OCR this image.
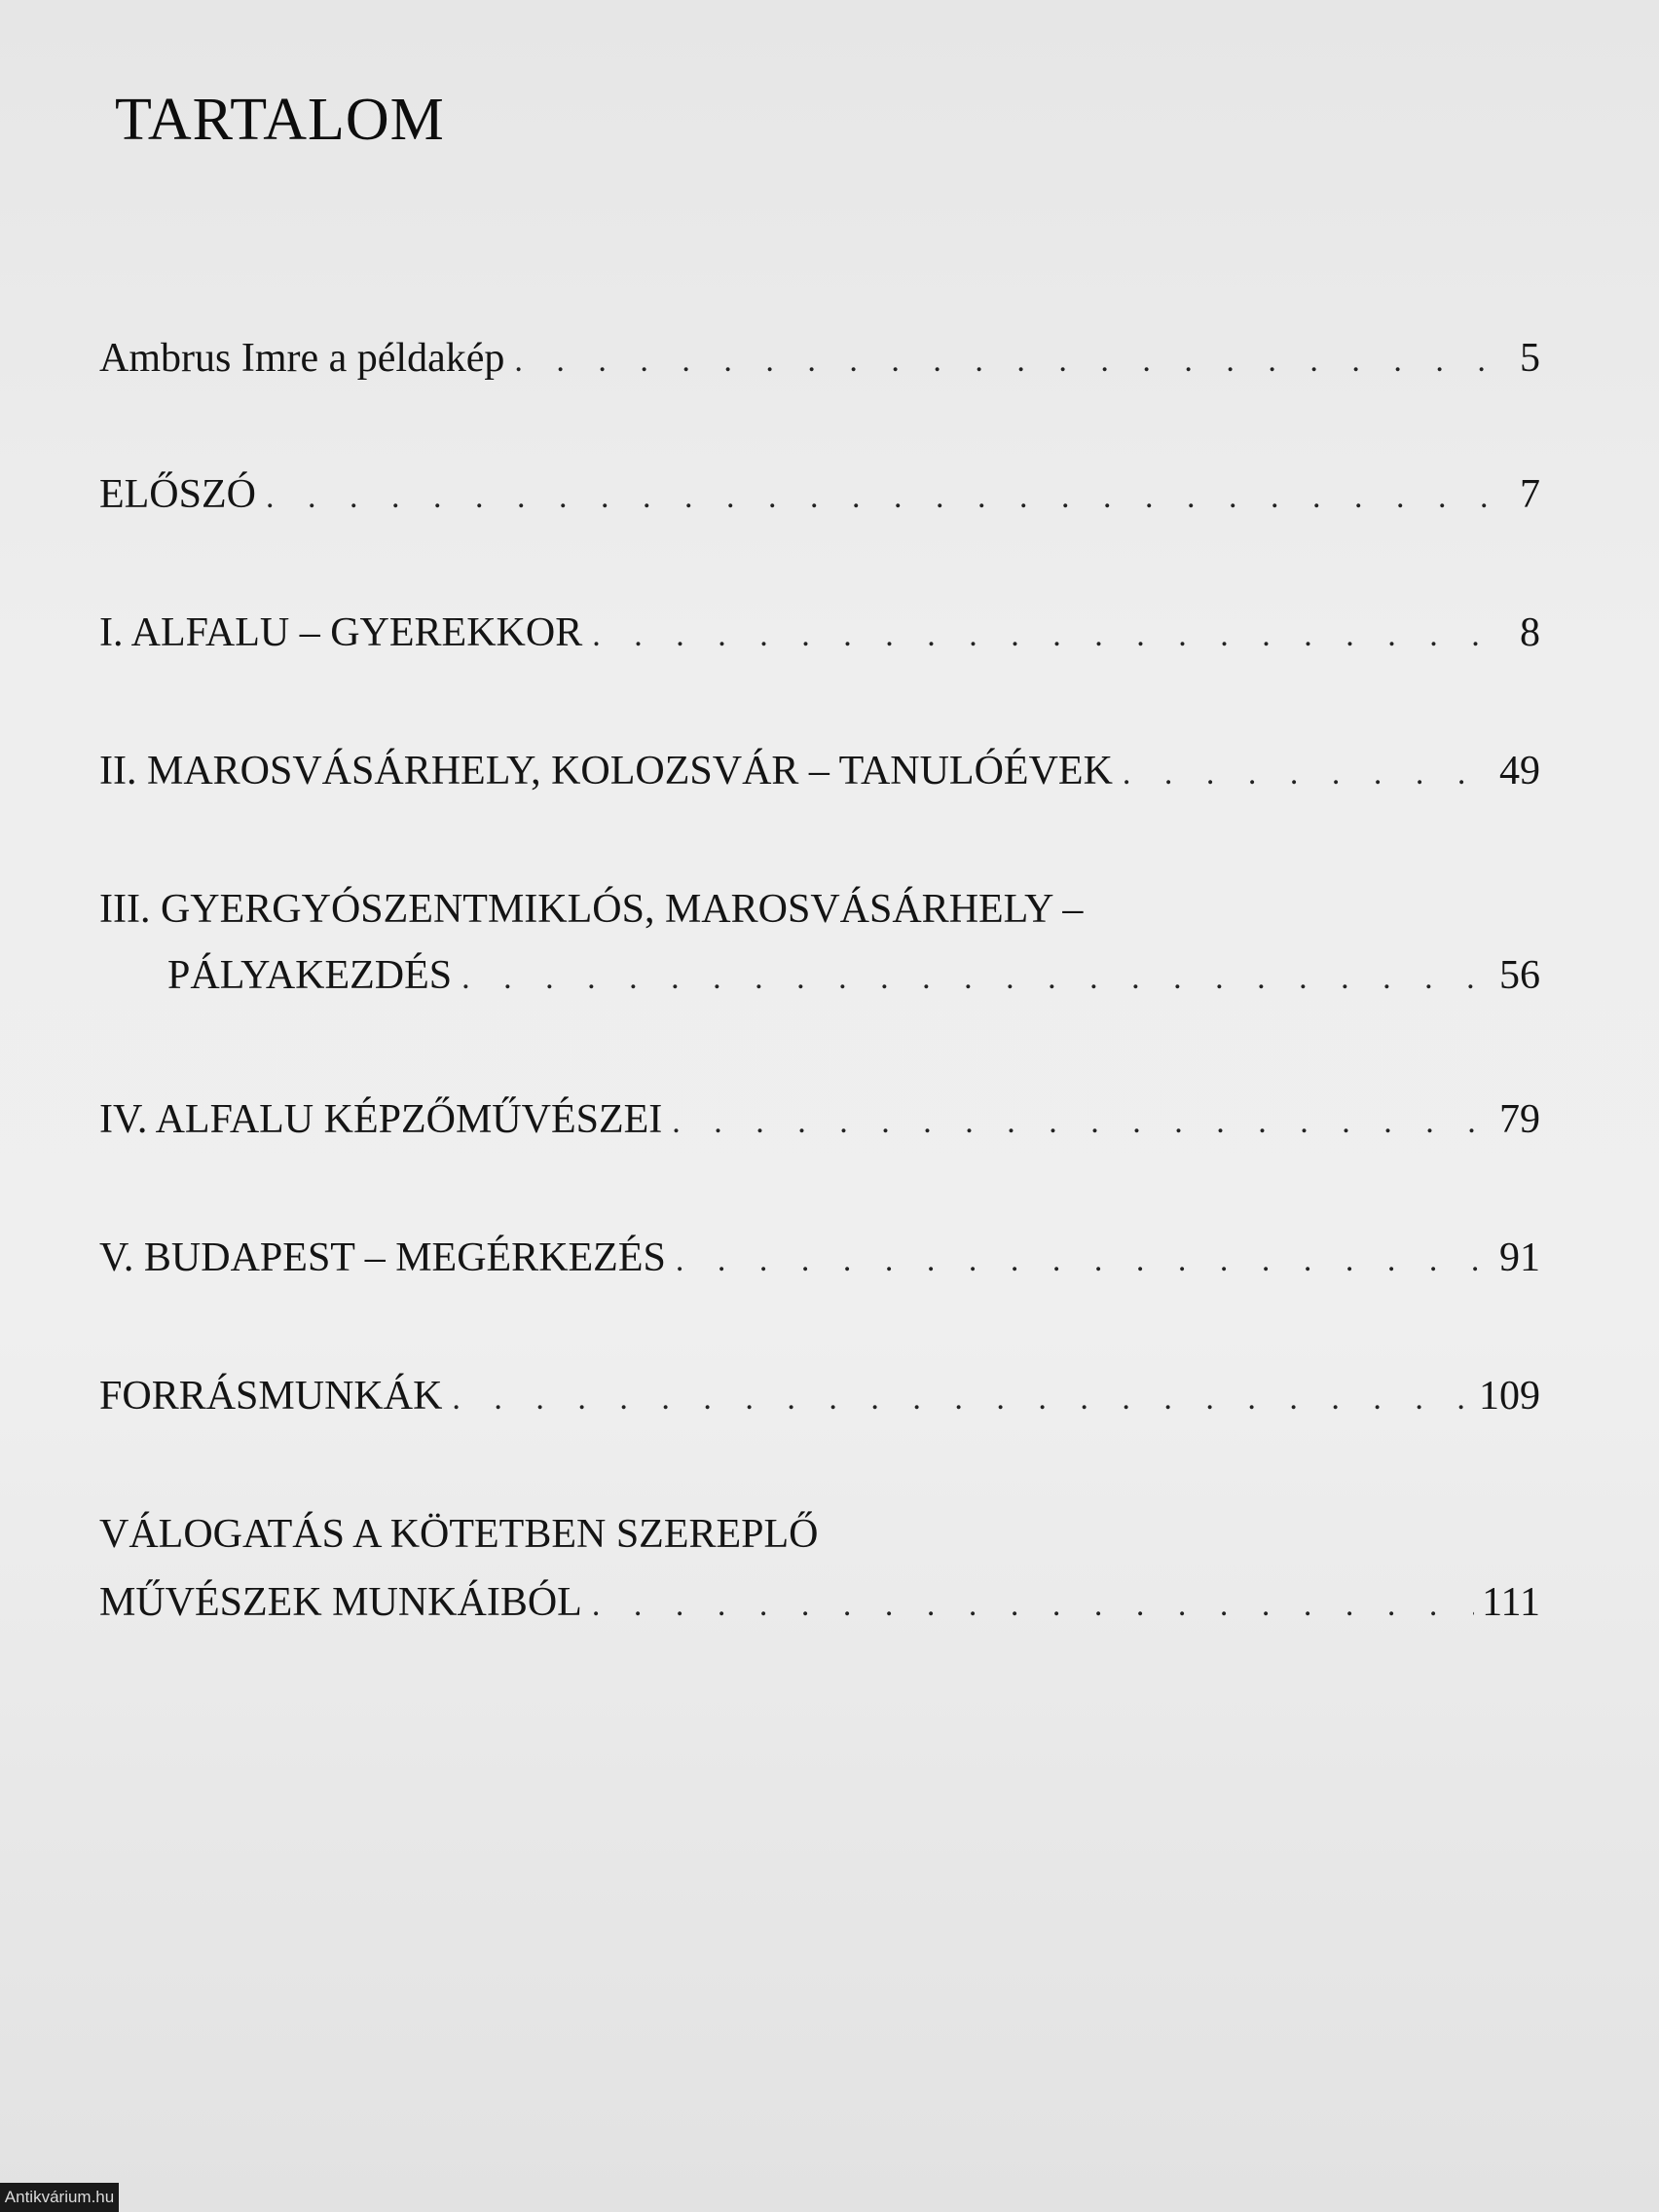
TARTALOM
Ambrus Imre a példakép . . .	5
ELŐSZÓ . . .	7
I. ALFALU – GYEREKKOR . . .	8
II. MAROSVÁSÁRHELY, KOLOZSVÁR – TANULÓÉVEK . . .	49
III. GYERGYÓSZENTMIKLÓS, MAROSVÁSÁRHELY –
PÁLYAKEZDÉS . . .	56
IV. ALFALU KÉPZŐMŰVÉSZEI . . .	79
V. BUDAPEST – MEGÉRKEZÉS . . .	91
FORRÁSMUNKÁK . . .	109
VÁLOGATÁS A KÖTETBEN SZEREPLŐ
MŰVÉSZEK MUNKÁIBÓL . . .	111
Antikvárium.hu
